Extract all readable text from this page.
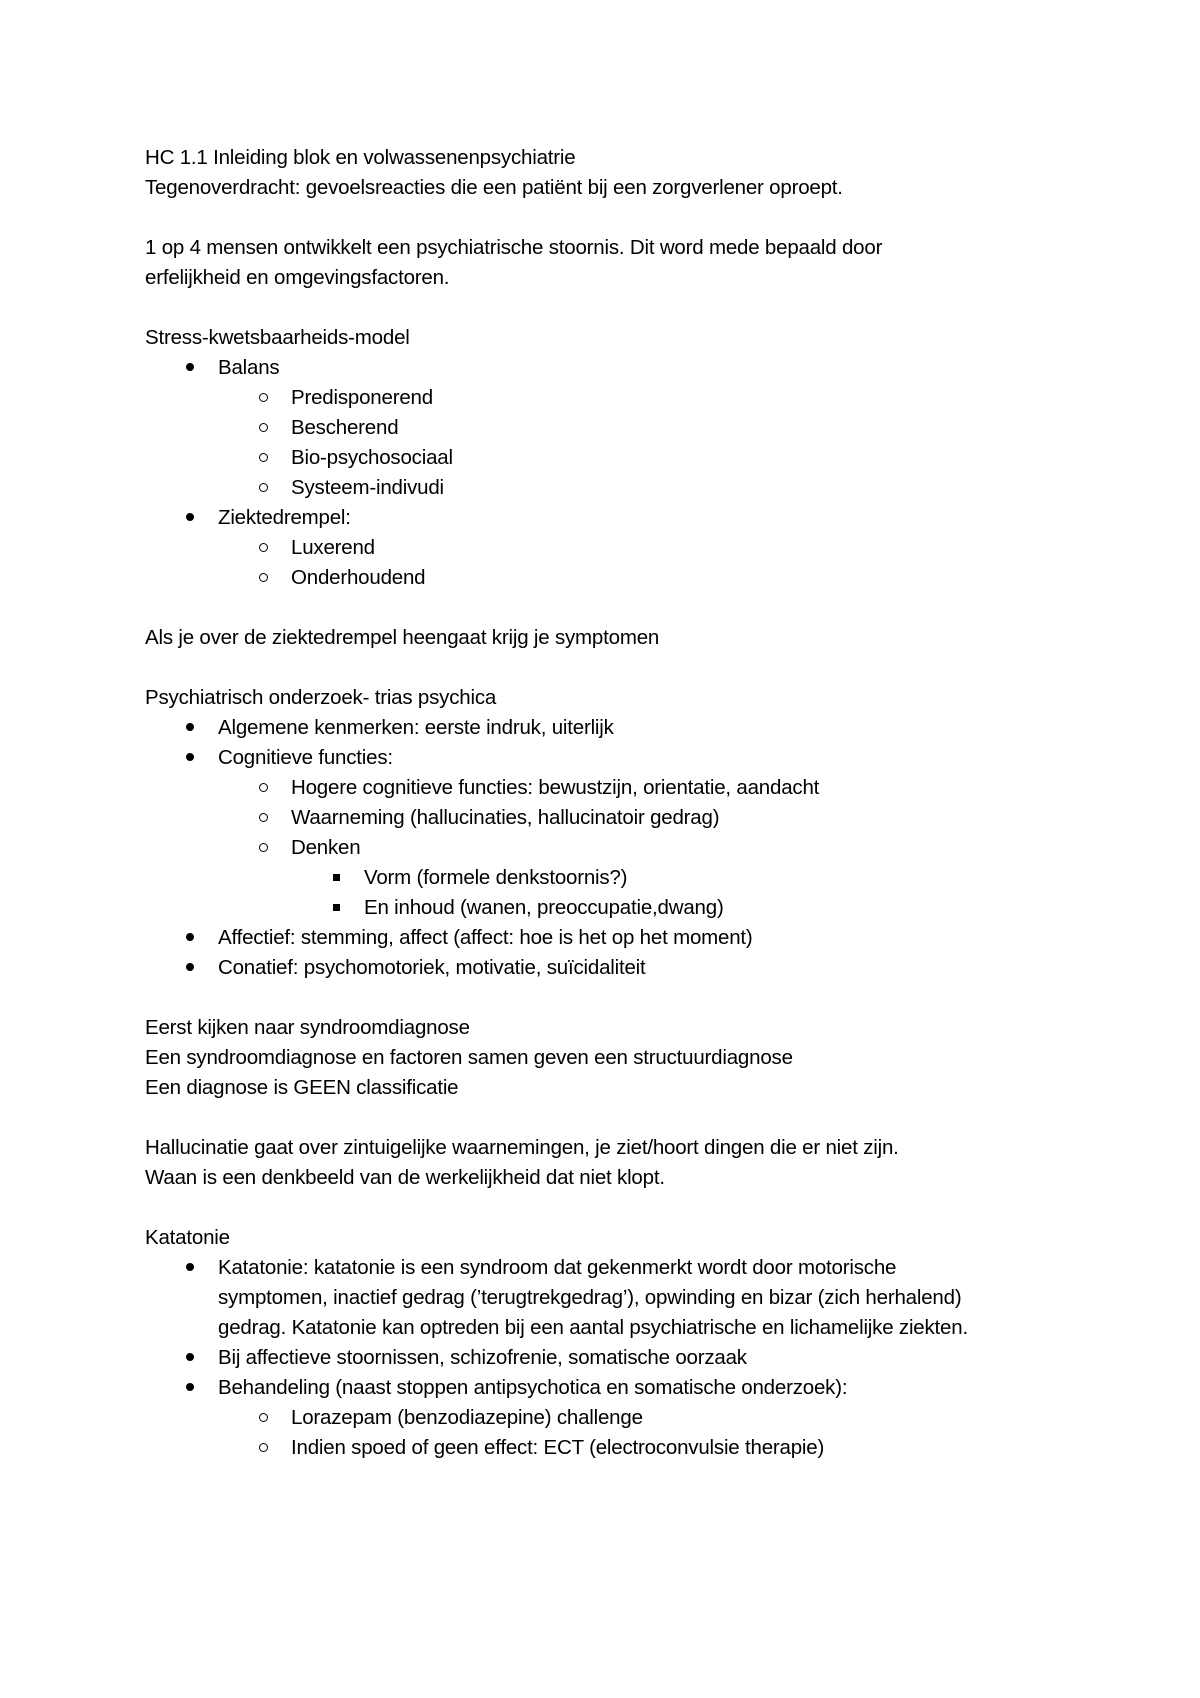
HC 1.1 Inleiding blok en volwassenenpsychiatrie
Tegenoverdracht: gevoelsreacties die een patiënt bij een zorgverlener oproept.
1 op 4 mensen ontwikkelt een psychiatrische stoornis. Dit word mede bepaald door
erfelijkheid en omgevingsfactoren.
Stress-kwetsbaarheids-model
Balans
Predisponerend
Bescherend
Bio-psychosociaal
Systeem-indivudi
Ziektedrempel:
Luxerend
Onderhoudend
Als je over de ziektedrempel heengaat krijg je symptomen
Psychiatrisch onderzoek- trias psychica
Algemene kenmerken: eerste indruk, uiterlijk
Cognitieve functies:
Hogere cognitieve functies: bewustzijn, orientatie, aandacht
Waarneming (hallucinaties, hallucinatoir gedrag)
Denken
Vorm (formele denkstoornis?)
En inhoud (wanen, preoccupatie,dwang)
Affectief: stemming, affect (affect: hoe is het op het moment)
Conatief: psychomotoriek, motivatie, suïcidaliteit
Eerst kijken naar syndroomdiagnose
Een syndroomdiagnose en factoren samen geven een structuurdiagnose
Een diagnose is GEEN classificatie
Hallucinatie gaat over zintuigelijke waarnemingen, je ziet/hoort dingen die er niet zijn.
Waan is een denkbeeld van de werkelijkheid dat niet klopt.
Katatonie
Katatonie: katatonie is een syndroom dat gekenmerkt wordt door motorische
symptomen, inactief gedrag (’terugtrekgedrag’), opwinding en bizar (zich herhalend)
gedrag. Katatonie kan optreden bij een aantal psychiatrische en lichamelijke ziekten.
Bij affectieve stoornissen, schizofrenie, somatische oorzaak
Behandeling (naast stoppen antipsychotica en somatische onderzoek):
Lorazepam (benzodiazepine) challenge
Indien spoed of geen effect: ECT (electroconvulsie therapie)
